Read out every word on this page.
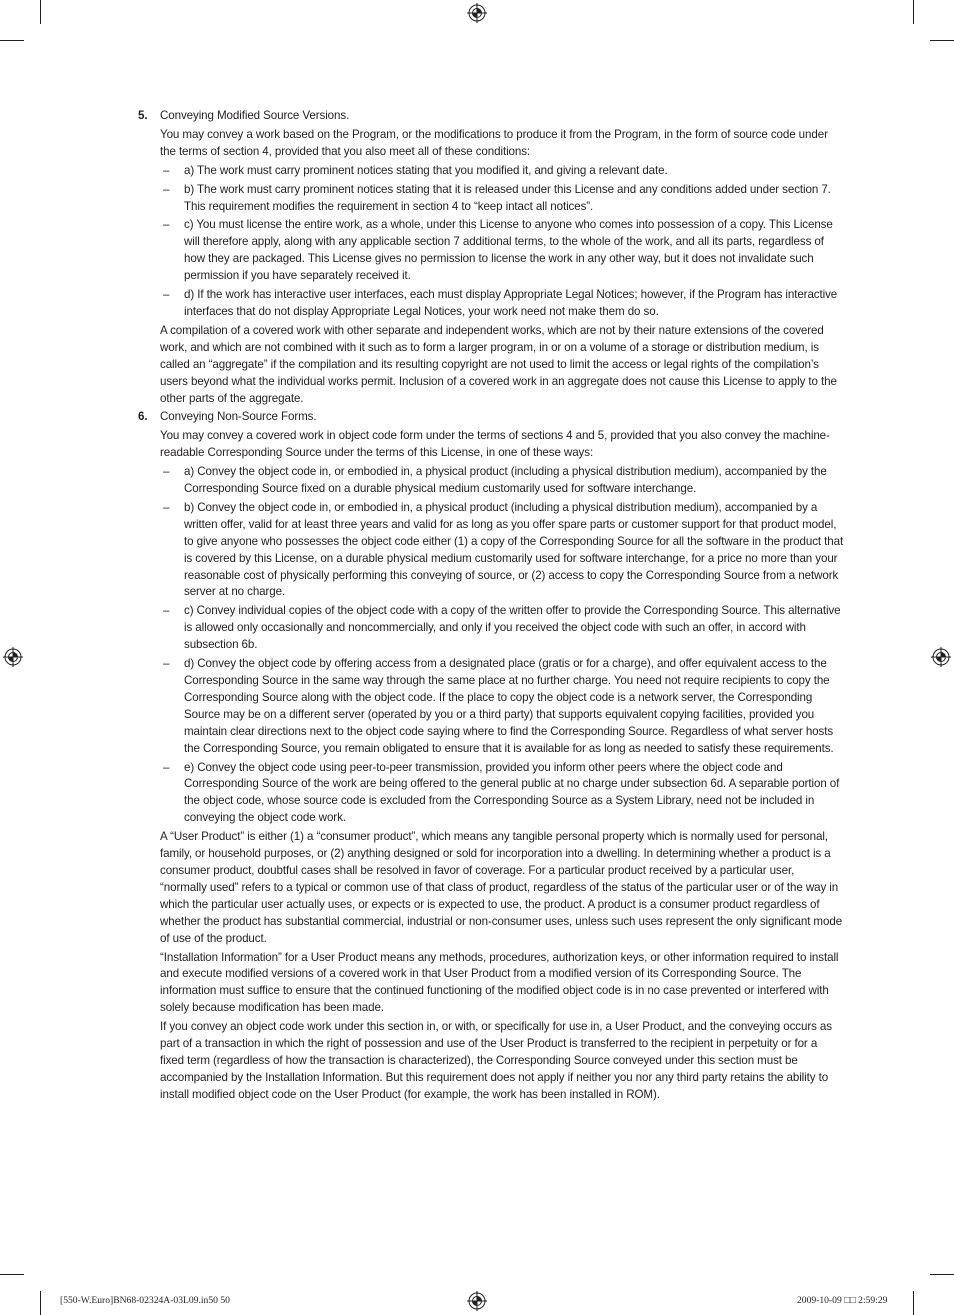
5. Conveying Modified Source Versions.
You may convey a work based on the Program, or the modifications to produce it from the Program, in the form of source code under the terms of section 4, provided that you also meet all of these conditions:
– a) The work must carry prominent notices stating that you modified it, and giving a relevant date.
– b) The work must carry prominent notices stating that it is released under this License and any conditions added under section 7. This requirement modifies the requirement in section 4 to “keep intact all notices”.
– c) You must license the entire work, as a whole, under this License to anyone who comes into possession of a copy. This License will therefore apply, along with any applicable section 7 additional terms, to the whole of the work, and all its parts, regardless of how they are packaged. This License gives no permission to license the work in any other way, but it does not invalidate such permission if you have separately received it.
– d) If the work has interactive user interfaces, each must display Appropriate Legal Notices; however, if the Program has interactive interfaces that do not display Appropriate Legal Notices, your work need not make them do so.
A compilation of a covered work with other separate and independent works, which are not by their nature extensions of the covered work, and which are not combined with it such as to form a larger program, in or on a volume of a storage or distribution medium, is called an “aggregate” if the compilation and its resulting copyright are not used to limit the access or legal rights of the compilation’s users beyond what the individual works permit. Inclusion of a covered work in an aggregate does not cause this License to apply to the other parts of the aggregate.
6. Conveying Non-Source Forms.
You may convey a covered work in object code form under the terms of sections 4 and 5, provided that you also convey the machine-readable Corresponding Source under the terms of this License, in one of these ways:
– a) Convey the object code in, or embodied in, a physical product (including a physical distribution medium), accompanied by the Corresponding Source fixed on a durable physical medium customarily used for software interchange.
– b) Convey the object code in, or embodied in, a physical product (including a physical distribution medium), accompanied by a written offer, valid for at least three years and valid for as long as you offer spare parts or customer support for that product model, to give anyone who possesses the object code either (1) a copy of the Corresponding Source for all the software in the product that is covered by this License, on a durable physical medium customarily used for software interchange, for a price no more than your reasonable cost of physically performing this conveying of source, or (2) access to copy the Corresponding Source from a network server at no charge.
– c) Convey individual copies of the object code with a copy of the written offer to provide the Corresponding Source. This alternative is allowed only occasionally and noncommercially, and only if you received the object code with such an offer, in accord with subsection 6b.
– d) Convey the object code by offering access from a designated place (gratis or for a charge), and offer equivalent access to the Corresponding Source in the same way through the same place at no further charge. You need not require recipients to copy the Corresponding Source along with the object code. If the place to copy the object code is a network server, the Corresponding Source may be on a different server (operated by you or a third party) that supports equivalent copying facilities, provided you maintain clear directions next to the object code saying where to find the Corresponding Source. Regardless of what server hosts the Corresponding Source, you remain obligated to ensure that it is available for as long as needed to satisfy these requirements.
– e) Convey the object code using peer-to-peer transmission, provided you inform other peers where the object code and Corresponding Source of the work are being offered to the general public at no charge under subsection 6d. A separable portion of the object code, whose source code is excluded from the Corresponding Source as a System Library, need not be included in conveying the object code work.
A “User Product” is either (1) a “consumer product”, which means any tangible personal property which is normally used for personal, family, or household purposes, or (2) anything designed or sold for incorporation into a dwelling. In determining whether a product is a consumer product, doubtful cases shall be resolved in favor of coverage. For a particular product received by a particular user, “normally used” refers to a typical or common use of that class of product, regardless of the status of the particular user or of the way in which the particular user actually uses, or expects or is expected to use, the product. A product is a consumer product regardless of whether the product has substantial commercial, industrial or non-consumer uses, unless such uses represent the only significant mode of use of the product.
“Installation Information” for a User Product means any methods, procedures, authorization keys, or other information required to install and execute modified versions of a covered work in that User Product from a modified version of its Corresponding Source. The information must suffice to ensure that the continued functioning of the modified object code is in no case prevented or interfered with solely because modification has been made.
If you convey an object code work under this section in, or with, or specifically for use in, a User Product, and the conveying occurs as part of a transaction in which the right of possession and use of the User Product is transferred to the recipient in perpetuity or for a fixed term (regardless of how the transaction is characterized), the Corresponding Source conveyed under this section must be accompanied by the Installation Information. But this requirement does not apply if neither you nor any third party retains the ability to install modified object code on the User Product (for example, the work has been installed in ROM).
[550-W.Euro]BN68-02324A-03L09.in50 50	2009-10-09 □□ 2:59:29
